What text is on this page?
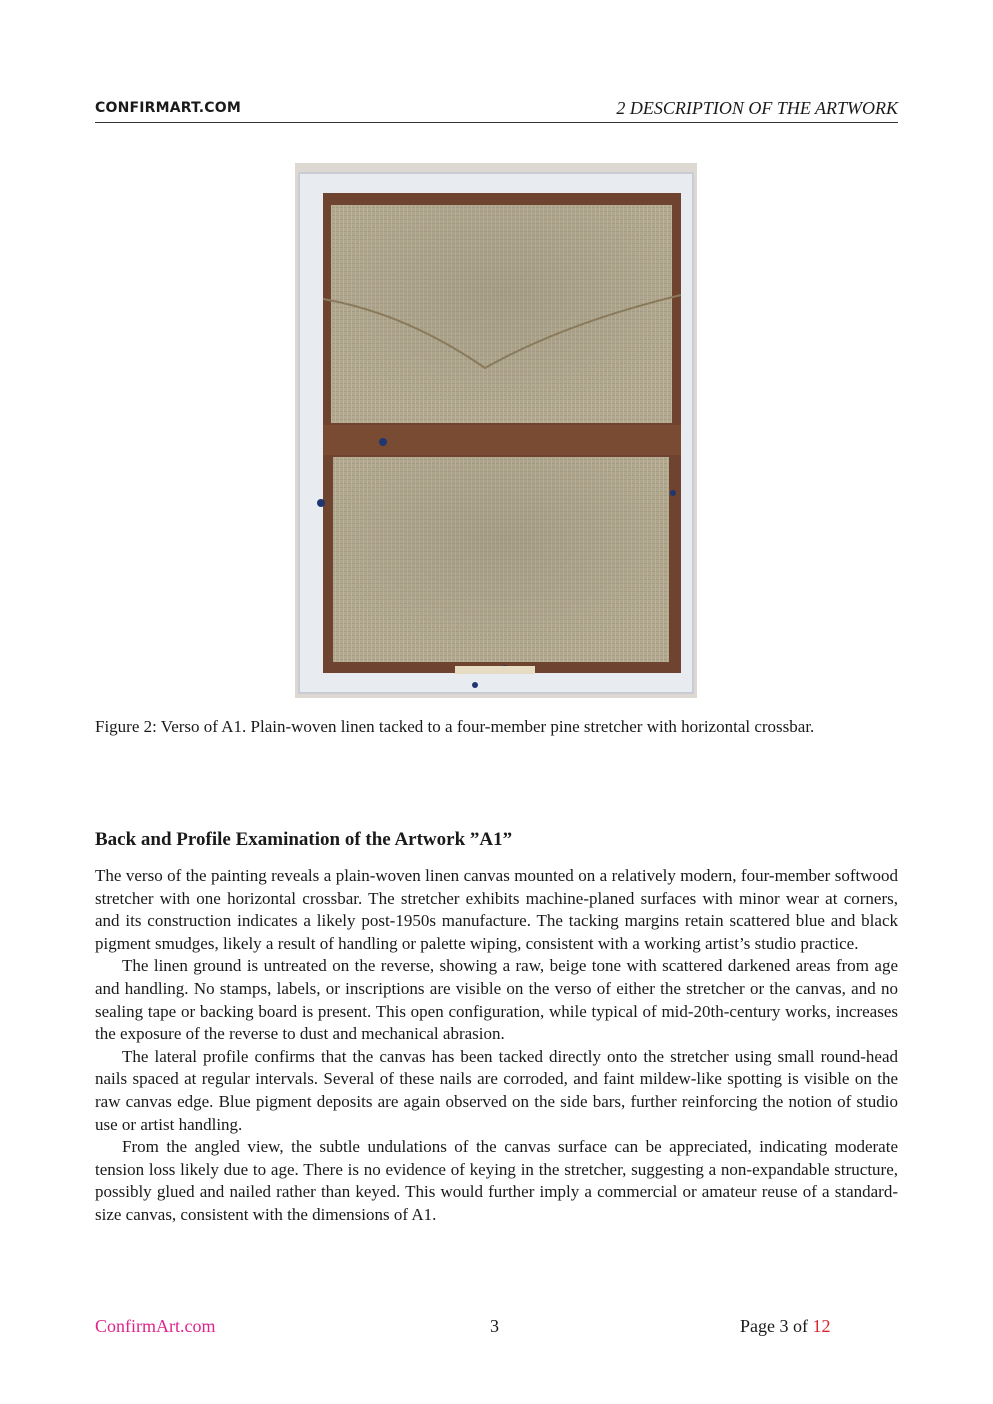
CONFIRMART.COM	2 DESCRIPTION OF THE ARTWORK
Figure 2: Verso of A1. Plain-woven linen tacked to a four-member pine stretcher with horizontal crossbar.
Back and Profile Examination of the Artwork ”A1”

The verso of the painting reveals a plain-woven linen canvas mounted on a relatively modern, four-member softwood stretcher with one horizontal crossbar. The stretcher exhibits machine-planed surfaces with minor wear at corners, and its construction indicates a likely post-1950s manufacture. The tacking margins retain scattered blue and black pigment smudges, likely a result of handling or palette wiping, consistent with a working artist’s studio practice.

The linen ground is untreated on the reverse, showing a raw, beige tone with scattered darkened areas from age and handling. No stamps, labels, or inscriptions are visible on the verso of either the stretcher or the canvas, and no sealing tape or backing board is present. This open configuration, while typical of mid-20th-century works, increases the exposure of the reverse to dust and mechanical abrasion.

The lateral profile confirms that the canvas has been tacked directly onto the stretcher using small round-head nails spaced at regular intervals. Several of these nails are corroded, and faint mildew-like spotting is visible on the raw canvas edge. Blue pigment deposits are again observed on the side bars, further reinforcing the notion of studio use or artist handling.

From the angled view, the subtle undulations of the canvas surface can be appreciated, indicating moderate tension loss likely due to age. There is no evidence of keying in the stretcher, suggesting a non-expandable structure, possibly glued and nailed rather than keyed. This would further imply a commercial or amateur reuse of a standard-size canvas, consistent with the dimensions of A1.

ConfirmArt.com	3	Page 3 of 12
